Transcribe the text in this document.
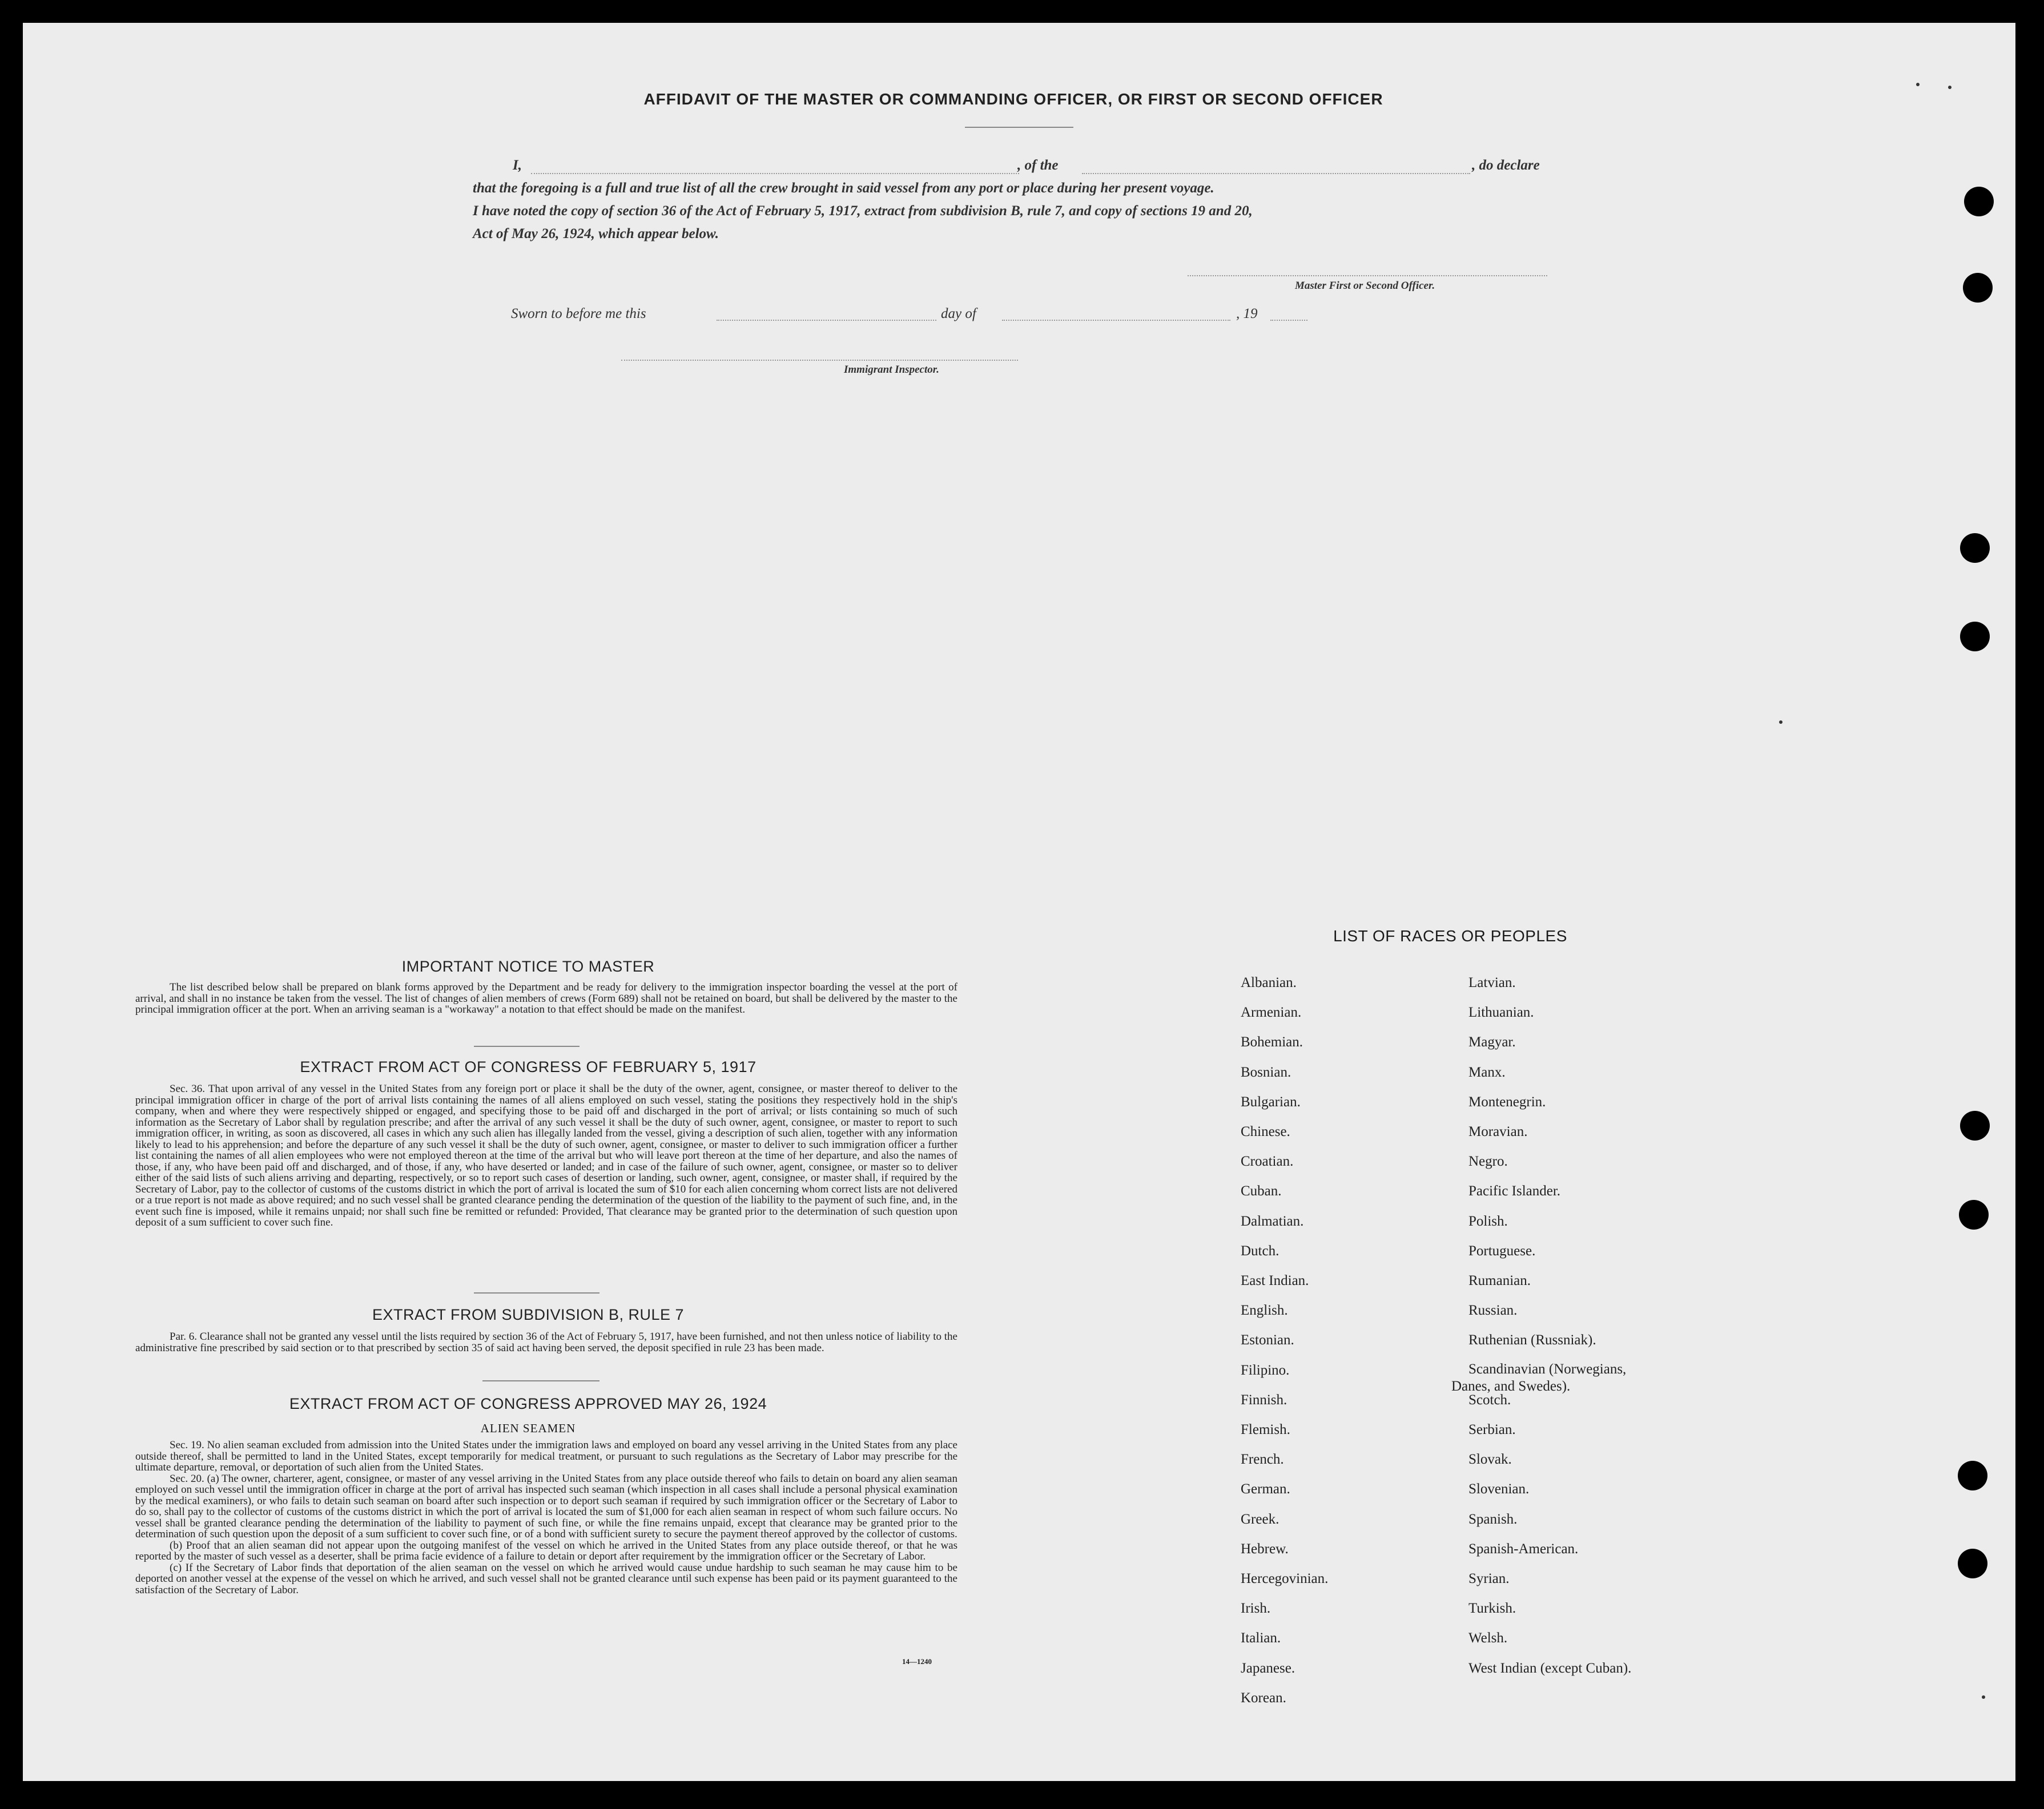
AFFIDAVIT OF THE MASTER OR COMMANDING OFFICER, OR FIRST OR SECOND OFFICER
I,	, of the	, do declare
that the foregoing is a full and true list of all the crew brought in said vessel from any port or place during her present voyage.
I have noted the copy of section 36 of the Act of February 5, 1917, extract from subdivision B, rule 7, and copy of sections 19 and 20,
Act of May 26, 1924, which appear below.
Master First or Second Officer.
Sworn to before me this	day of	, 19
Immigrant Inspector.
IMPORTANT NOTICE TO MASTER

The list described below shall be prepared on blank forms approved by the Department and be ready for delivery to the immigration inspector boarding the vessel at the port of arrival, and shall in no instance be taken from the vessel. The list of changes of alien members of crews (Form 689) shall not be retained on board, but shall be delivered by the master to the principal immigration officer at the port. When an arriving seaman is a "workaway" a notation to that effect should be made on the manifest.

EXTRACT FROM ACT OF CONGRESS OF FEBRUARY 5, 1917

Sec. 36. That upon arrival of any vessel in the United States from any foreign port or place it shall be the duty of the owner, agent, consignee, or master thereof to deliver to the principal immigration officer in charge of the port of arrival lists containing the names of all aliens employed on such vessel, stating the positions they respectively hold in the ship's company, when and where they were respectively shipped or engaged, and specifying those to be paid off and discharged in the port of arrival; or lists containing so much of such information as the Secretary of Labor shall by regulation prescribe; and after the arrival of any such vessel it shall be the duty of such owner, agent, consignee, or master to report to such immigration officer, in writing, as soon as discovered, all cases in which any such alien has illegally landed from the vessel, giving a description of such alien, together with any information likely to lead to his apprehension; and before the departure of any such vessel it shall be the duty of such owner, agent, consignee, or master to deliver to such immigration officer a further list containing the names of all alien employees who were not employed thereon at the time of the arrival but who will leave port thereon at the time of her departure, and also the names of those, if any, who have been paid off and discharged, and of those, if any, who have deserted or landed; and in case of the failure of such owner, agent, consignee, or master so to deliver either of the said lists of such aliens arriving and departing, respectively, or so to report such cases of desertion or landing, such owner, agent, consignee, or master shall, if required by the Secretary of Labor, pay to the collector of customs of the customs district in which the port of arrival is located the sum of $10 for each alien concerning whom correct lists are not delivered or a true report is not made as above required; and no such vessel shall be granted clearance pending the determination of the question of the liability to the payment of such fine, and, in the event such fine is imposed, while it remains unpaid; nor shall such fine be remitted or refunded: Provided, That clearance may be granted prior to the determination of such question upon deposit of a sum sufficient to cover such fine.

EXTRACT FROM SUBDIVISION B, RULE 7

Par. 6. Clearance shall not be granted any vessel until the lists required by section 36 of the Act of February 5, 1917, have been furnished, and not then unless notice of liability to the administrative fine prescribed by said section or to that prescribed by section 35 of said act having been served, the deposit specified in rule 23 has been made.

EXTRACT FROM ACT OF CONGRESS APPROVED MAY 26, 1924
ALIEN SEAMEN

Sec. 19. No alien seaman excluded from admission into the United States under the immigration laws and employed on board any vessel arriving in the United States from any place outside thereof, shall be permitted to land in the United States, except temporarily for medical treatment, or pursuant to such regulations as the Secretary of Labor may prescribe for the ultimate departure, removal, or deportation of such alien from the United States.

Sec. 20. (a) The owner, charterer, agent, consignee, or master of any vessel arriving in the United States from any place outside thereof who fails to detain on board any alien seaman employed on such vessel until the immigration officer in charge at the port of arrival has inspected such seaman (which inspection in all cases shall include a personal physical examination by the medical examiners), or who fails to detain such seaman on board after such inspection or to deport such seaman if required by such immigration officer or the Secretary of Labor to do so, shall pay to the collector of customs of the customs district in which the port of arrival is located the sum of $1,000 for each alien seaman in respect of whom such failure occurs. No vessel shall be granted clearance pending the determination of the liability to payment of such fine, or while the fine remains unpaid, except that clearance may be granted prior to the determination of such question upon the deposit of a sum sufficient to cover such fine, or of a bond with sufficient surety to secure the payment thereof approved by the collector of customs.

(b) Proof that an alien seaman did not appear upon the outgoing manifest of the vessel on which he arrived in the United States from any place outside thereof, or that he was reported by the master of such vessel as a deserter, shall be prima facie evidence of a failure to detain or deport after requirement by the immigration officer or the Secretary of Labor.

(c) If the Secretary of Labor finds that deportation of the alien seaman on the vessel on which he arrived would cause undue hardship to such seaman he may cause him to be deported on another vessel at the expense of the vessel on which he arrived, and such vessel shall not be granted clearance until such expense has been paid or its payment guaranteed to the satisfaction of the Secretary of Labor.

14—1240
LIST OF RACES OR PEOPLES
Albanian.
Armenian.
Bohemian.
Bosnian.
Bulgarian.
Chinese.
Croatian.
Cuban.
Dalmatian.
Dutch.
East Indian.
English.
Estonian.
Filipino.
Finnish.
Flemish.
French.
German.
Greek.
Hebrew.
Hercegovinian.
Irish.
Italian.
Japanese.
Korean.
Latvian.
Lithuanian.
Magyar.
Manx.
Montenegrin.
Moravian.
Negro.
Pacific Islander.
Polish.
Portuguese.
Rumanian.
Russian.
Ruthenian (Russniak).
Scandinavian (Norwegians,
Danes, and Swedes).
Scotch.
Serbian.
Slovak.
Slovenian.
Spanish.
Spanish-American.
Syrian.
Turkish.
Welsh.
West Indian (except Cuban).
